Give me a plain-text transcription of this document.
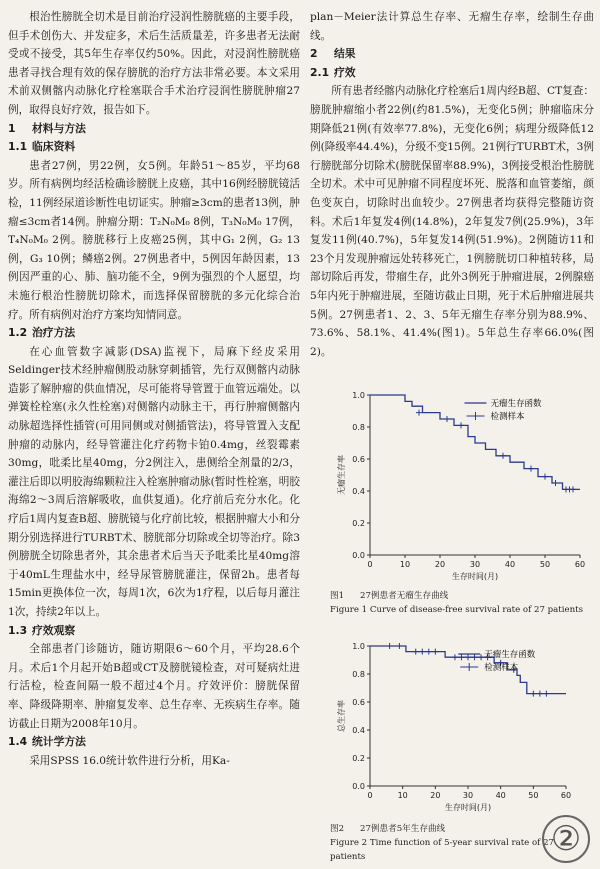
根治性膀胱全切术是目前治疗浸润性膀胱癌的主要手段，但手术创伤大、并发症多，术后生活质量差，许多患者无法耐受或不接受，其5年生存率仅约50%。因此，对浸润性膀胱癌患者寻找合理有效的保存膀胱的治疗方法非常必要。本文采用术前双侧髂内动脉化疗栓塞联合手术治疗浸润性膀胱肿瘤27例，取得良好疗效，报告如下。

1 材料与方法
1.1 临床资料

患者27例，男22例，女5例。年龄51～85岁，平均68岁。所有病例均经活检确诊膀胱上皮癌，其中16例经膀胱镜活检，11例经尿道诊断性电切证实。肿瘤≥3cm的患者13例，肿瘤≤3cm者14例。肿瘤分期：T₂N₀M₀ 8例，T₃N₀M₀ 17例，T₄N₀M₀ 2例。膀胱移行上皮癌25例，其中G₁ 2例，G₂ 13例，G₃ 10例；鳞癌2例。27例患者中，5例因年龄因素，13例因严重的心、肺、脑功能不全，9例为强烈的个人愿望，均未施行根治性膀胱切除术，而选择保留膀胱的多元化综合治疗。所有病例对治疗方案均知情同意。

1.2 治疗方法

在心血管数字减影(DSA)监视下，局麻下经皮采用Seldinger技术经肿瘤侧股动脉穿刺插管，先行双侧髂内动脉造影了解肿瘤的供血情况，尽可能将导管置于血管远端处。以弹簧栓栓塞(永久性栓塞)对侧髂内动脉主干，再行肿瘤侧髂内动脉超选择性插管(可用同侧或对侧插管法)，将导管置入支配肿瘤的动脉内，经导管灌注化疗药物卡铂0.4mg，丝裂霉素30mg，吡柔比星40mg，分2例注入，患侧给全剂量的2/3，灌注后即以明胶海绵颗粒注入栓塞肿瘤动脉(暂时性栓塞，明胶海绵2～3周后溶解吸收，血供复通)。化疗前后充分水化。化疗后1周内复查B超、膀胱镜与化疗前比较，根据肿瘤大小和分期分别选择进行TURBT术、膀胱部分切除或全切等治疗。除3例膀胱全切除患者外，其余患者术后当天予吡柔比星40mg溶于40mL生理盐水中，经导尿管膀胱灌注，保留2h。患者每15min更换体位一次，每周1次，6次为1疗程，以后每月灌注1次，持续2年以上。

1.3 疗效观察

全部患者门诊随访，随访期限6～60个月，平均28.6个月。术后1个月起开始B超或CT及膀胱镜检查，对可疑病灶进行活检，检查间隔一般不超过4个月。疗效评价：膀胱保留率、降级降期率、肿瘤复发率、总生存率、无疾病生存率。随访截止日期为2008年10月。

1.4 统计学方法

采用SPSS 16.0统计软件进行分析，用Ka-

plan－Meier法计算总生存率、无瘤生存率，绘制生存曲线。

2 结果
2.1 疗效

所有患者经髂内动脉化疗栓塞后1周内经B超、CT复查：膀胱肿瘤缩小者22例(约81.5%)，无变化5例；肿瘤临床分期降低21例(有效率77.8%)，无变化6例；病理分级降低12例(降级率44.4%)，分级不变15例。21例行TURBT术，3例行膀胱部分切除术(膀胱保留率88.9%)，3例接受根治性膀胱全切术。术中可见肿瘤不同程度坏死、脱落和血管萎缩，颜色变灰白，切除时出血较少。27例患者均获得完整随访资料。术后1年复发4例(14.8%)，2年复发7例(25.9%)，3年复发11例(40.7%)，5年复发14例(51.9%)。2例随访11和23个月发现肿瘤远处转移死亡，1例膀胱切口种植转移，局部切除后再发，带瘤生存，此外3例死于肿瘤进展，2例腺癌5年内死于肿瘤进展，至随访截止日期，死于术后肿瘤进展共5例。27例患者1、2、3、5年无瘤生存率分别为88.9%、73.6%、58.1%、41.4%(图1)。5年总生存率66.0%(图2)。

0	10	20	30	40	50	60
0.0
0.2
0.4
0.6
0.8
1.0
生存时间(月)
无瘤生存率
无瘤生存函数
检测样本
图1 27例患者无瘤生存曲线
Figure 1 Curve of disease-free survival rate of 27 patients
0	10	20	30	40	50	60
0.0
0.2
0.4
0.6
0.8
1.0
生存时间(月)
总生存率
无瘤生存函数
检测样本
图2 27例患者5年生存曲线
Figure 2 Time function of 5-year survival rate of 27 patients	②
